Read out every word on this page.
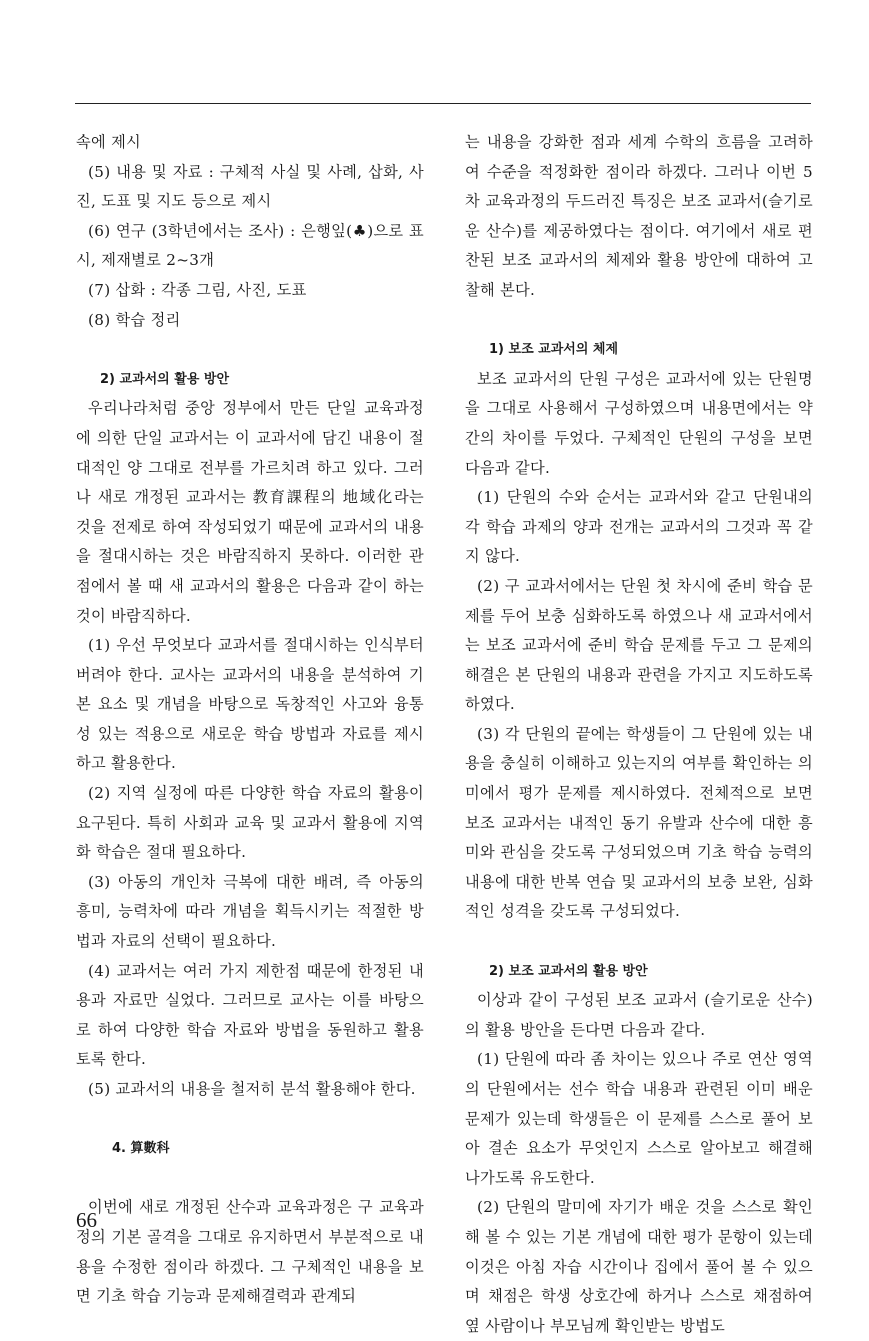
속에 제시

(5) 내용 및 자료 : 구체적 사실 및 사례, 삽화, 사진, 도표 및 지도 등으로 제시

(6) 연구 (3학년에서는 조사) : 은행잎(♣)으로 표시, 제재별로 2~3개

(7) 삽화 : 각종 그림, 사진, 도표

(8) 학습 정리

2) 교과서의 활용 방안

우리나라처럼 중앙 정부에서 만든 단일 교육과정에 의한 단일 교과서는 이 교과서에 담긴 내용이 절대적인 양 그대로 전부를 가르치려 하고 있다. 그러나 새로 개정된 교과서는 教育課程의 地域化라는 것을 전제로 하여 작성되었기 때문에 교과서의 내용을 절대시하는 것은 바람직하지 못하다. 이러한 관점에서 볼 때 새 교과서의 활용은 다음과 같이 하는 것이 바람직하다.

(1) 우선 무엇보다 교과서를 절대시하는 인식부터 버려야 한다. 교사는 교과서의 내용을 분석하여 기본 요소 및 개념을 바탕으로 독창적인 사고와 융통성 있는 적용으로 새로운 학습 방법과 자료를 제시하고 활용한다.

(2) 지역 실정에 따른 다양한 학습 자료의 활용이 요구된다. 특히 사회과 교육 및 교과서 활용에 지역화 학습은 절대 필요하다.

(3) 아동의 개인차 극복에 대한 배려, 즉 아동의 흥미, 능력차에 따라 개념을 획득시키는 적절한 방법과 자료의 선택이 필요하다.

(4) 교과서는 여러 가지 제한점 때문에 한정된 내용과 자료만 실었다. 그러므로 교사는 이를 바탕으로 하여 다양한 학습 자료와 방법을 동원하고 활용토록 한다.

(5) 교과서의 내용을 철저히 분석 활용해야 한다.

4. 算數科

이번에 새로 개정된 산수과 교육과정은 구 교육과정의 기본 골격을 그대로 유지하면서 부분적으로 내용을 수정한 점이라 하겠다. 그 구체적인 내용을 보면 기초 학습 기능과 문제해결력과 관계되

는 내용을 강화한 점과 세계 수학의 흐름을 고려하여 수준을 적정화한 점이라 하겠다. 그러나 이번 5차 교육과정의 두드러진 특징은 보조 교과서(슬기로운 산수)를 제공하였다는 점이다. 여기에서 새로 편찬된 보조 교과서의 체제와 활용 방안에 대하여 고찰해 본다.

1) 보조 교과서의 체제

보조 교과서의 단원 구성은 교과서에 있는 단원명을 그대로 사용해서 구성하였으며 내용면에서는 약간의 차이를 두었다. 구체적인 단원의 구성을 보면 다음과 같다.

(1) 단원의 수와 순서는 교과서와 같고 단원내의 각 학습 과제의 양과 전개는 교과서의 그것과 꼭 같지 않다.

(2) 구 교과서에서는 단원 첫 차시에 준비 학습 문제를 두어 보충 심화하도록 하였으나 새 교과서에서는 보조 교과서에 준비 학습 문제를 두고 그 문제의 해결은 본 단원의 내용과 관련을 가지고 지도하도록 하였다.

(3) 각 단원의 끝에는 학생들이 그 단원에 있는 내용을 충실히 이해하고 있는지의 여부를 확인하는 의미에서 평가 문제를 제시하였다. 전체적으로 보면 보조 교과서는 내적인 동기 유발과 산수에 대한 흥미와 관심을 갖도록 구성되었으며 기초 학습 능력의 내용에 대한 반복 연습 및 교과서의 보충 보완, 심화적인 성격을 갖도록 구성되었다.

2) 보조 교과서의 활용 방안

이상과 같이 구성된 보조 교과서 (슬기로운 산수)의 활용 방안을 든다면 다음과 같다.

(1) 단원에 따라 좀 차이는 있으나 주로 연산 영역의 단원에서는 선수 학습 내용과 관련된 이미 배운 문제가 있는데 학생들은 이 문제를 스스로 풀어 보아 결손 요소가 무엇인지 스스로 알아보고 해결해 나가도록 유도한다.

(2) 단원의 말미에 자기가 배운 것을 스스로 확인해 볼 수 있는 기본 개념에 대한 평가 문항이 있는데 이것은 아침 자습 시간이나 집에서 풀어 볼 수 있으며 채점은 학생 상호간에 하거나 스스로 채점하여 옆 사람이나 부모님께 확인받는 방법도

66
